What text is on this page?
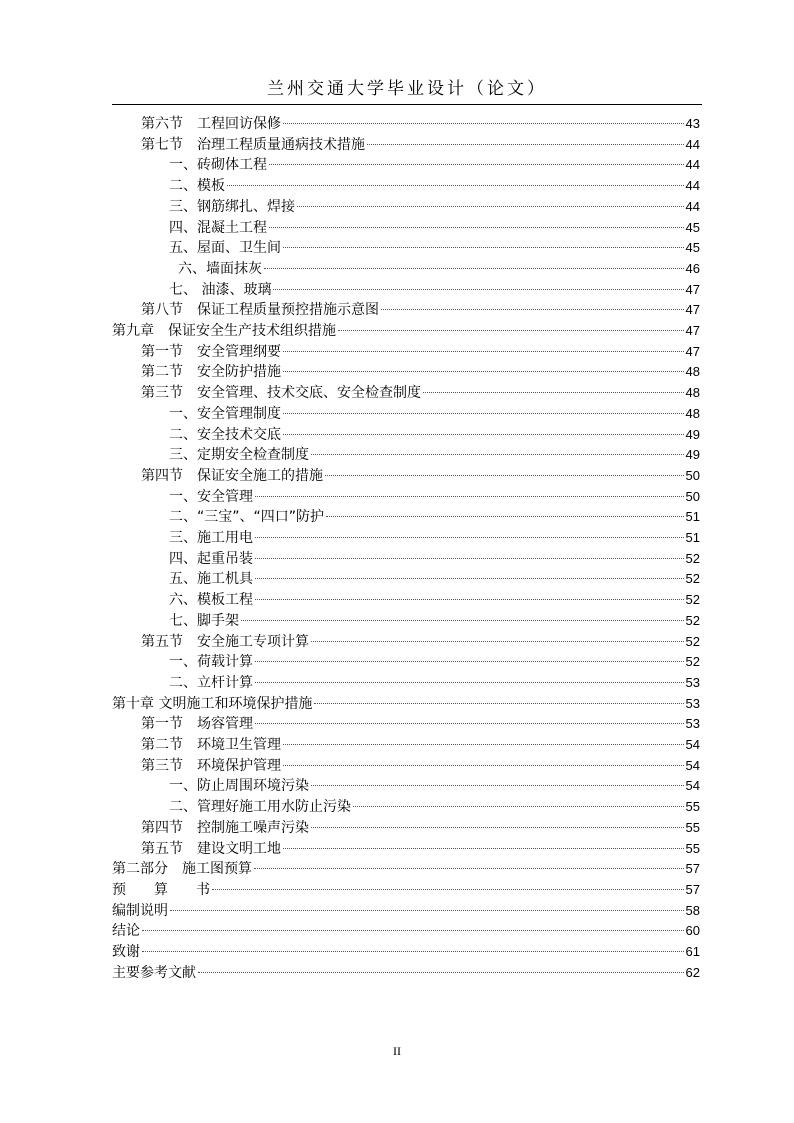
兰州交通大学毕业设计（论文）
第六节　工程回访保修	43
第七节　治理工程质量通病技术措施	44
一、砖砌体工程	44
二、模板	44
三、钢筋绑扎、焊接	44
四、混凝土工程	45
五、屋面、卫生间	45
六、墙面抹灰	46
七、 油漆、玻璃	47
第八节　保证工程质量预控措施示意图	47
第九章　保证安全生产技术组织措施	47
第一节　安全管理纲要	47
第二节　安全防护措施	48
第三节　安全管理、技术交底、安全检查制度	48
一、安全管理制度	48
二、安全技术交底	49
三、定期安全检查制度	49
第四节　保证安全施工的措施	50
一、安全管理	50
二、“三宝”、“四口”防护	51
三、施工用电	51
四、起重吊装	52
五、施工机具	52
六、模板工程	52
七、脚手架	52
第五节　安全施工专项计算	52
一、荷载计算	52
二、立杆计算	53
第十章 文明施工和环境保护措施	53
第一节　场容管理	53
第二节　环境卫生管理	54
第三节　环境保护管理	54
一、防止周围环境污染	54
二、管理好施工用水防止污染	55
第四节　控制施工噪声污染	55
第五节　建设文明工地	55
第二部分　施工图预算	57
预　　算　　书	57
编制说明	58
结论	60
致谢	61
主要参考文献	62
II
